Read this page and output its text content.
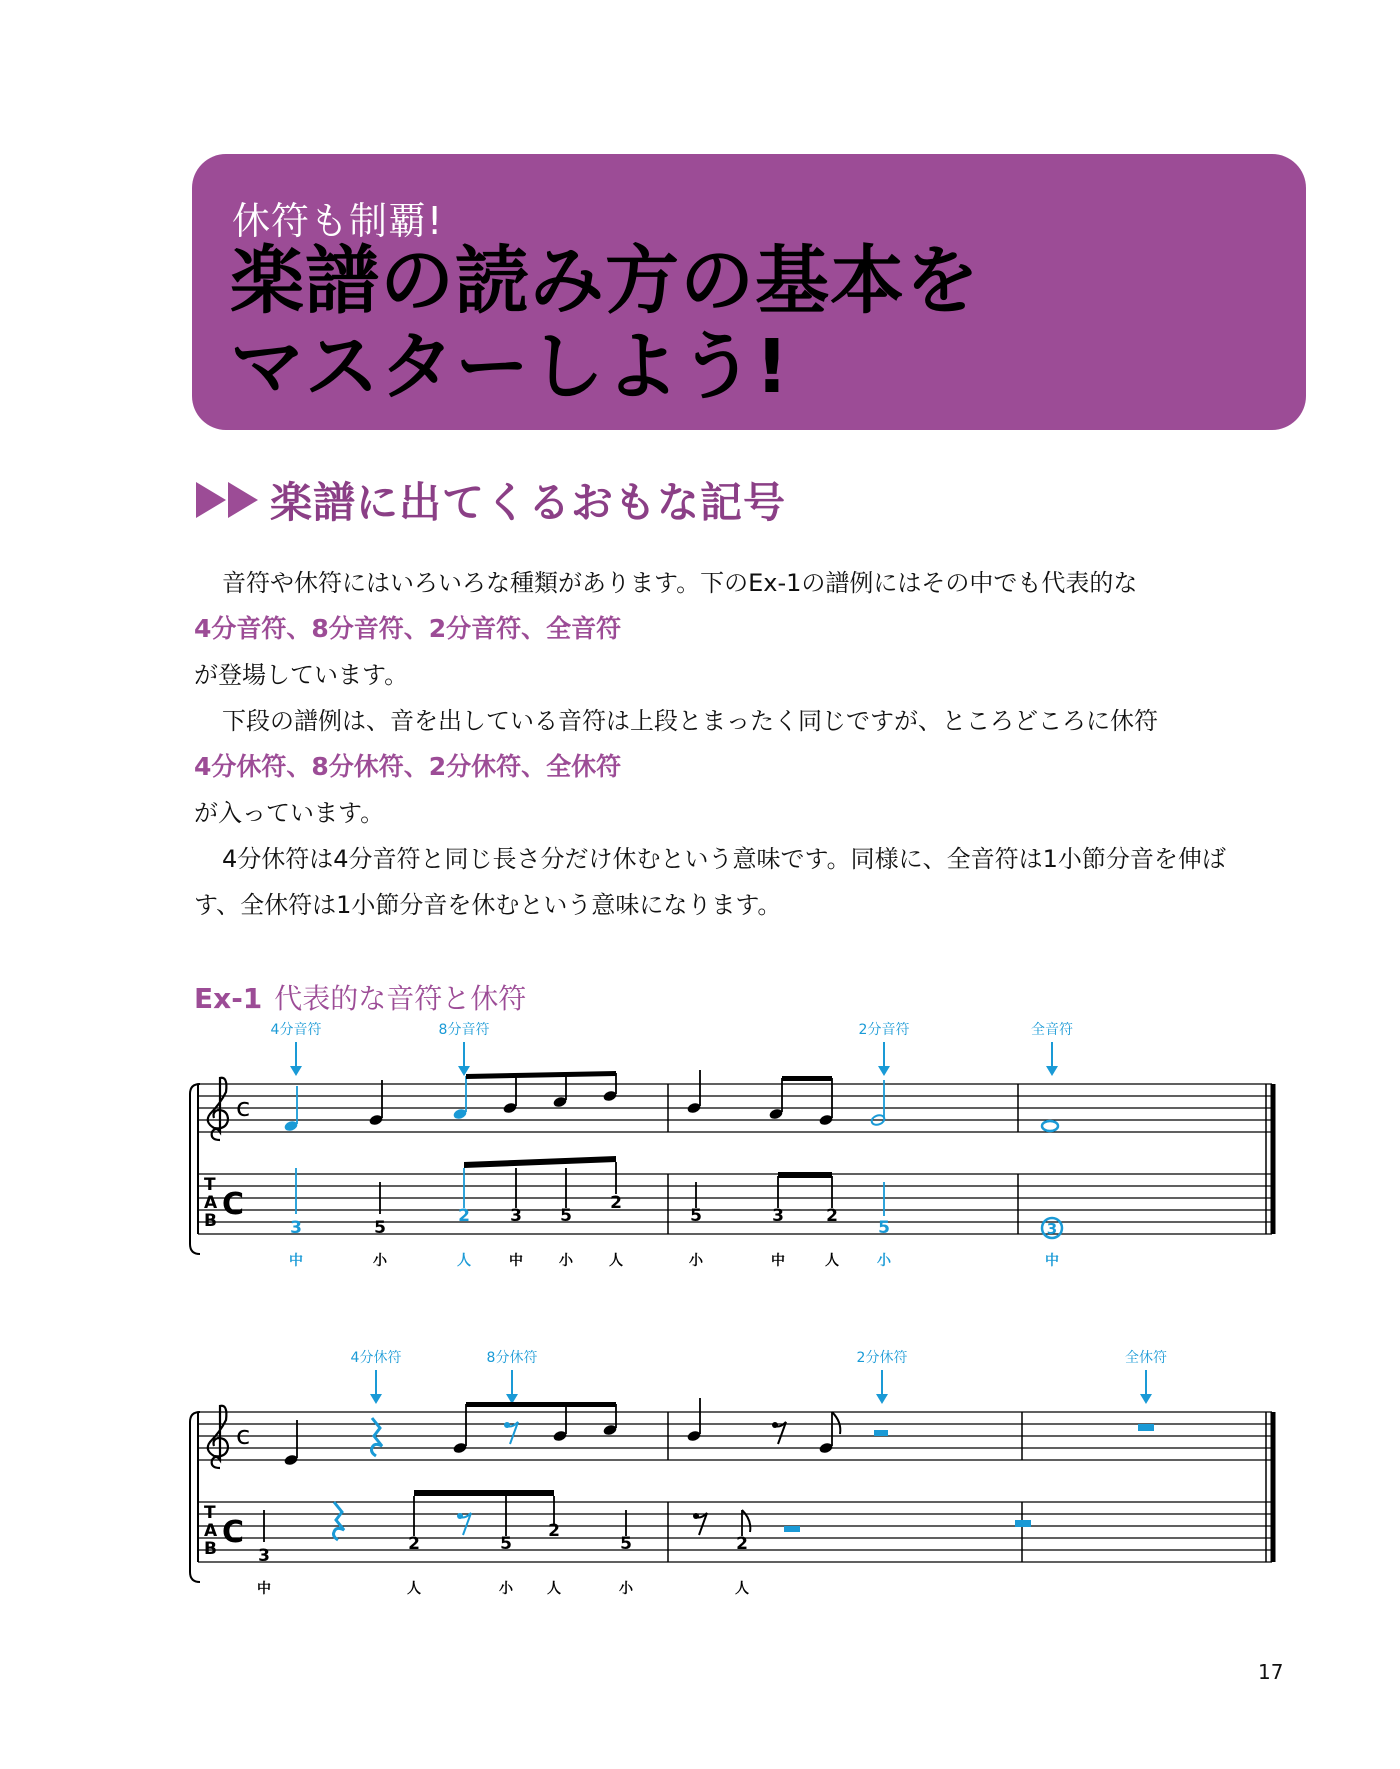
休符も制覇!
楽譜の読み方の基本を
マスターしよう!
楽譜に出てくるおもな記号
音符や休符にはいろいろな種類があります。下のEx-1の譜例にはその中でも代表的な
4分音符、8分音符、2分音符、全音符
が登場しています。
下段の譜例は、音を出している音符は上段とまったく同じですが、ところどころに休符
4分休符、8分休符、2分休符、全休符
が入っています。
4分休符は4分音符と同じ長さ分だけ休むという意味です。同様に、全音符は1小節分音を伸ば
す、全休符は1小節分音を休むという意味になります。
Ex-1 代表的な音符と休符
4分音符	8分音符	2分音符	全音符
c
T
A
B C
3	5
2 3 5
2
5	3 2
5	3
中	小	人	中	小	人	小	中	人	小	中
4分休符	8分休符	2分休符	全休符
c
T
A
B C
3
2	5
2
5	2
中	人	小 人	小	人
17
